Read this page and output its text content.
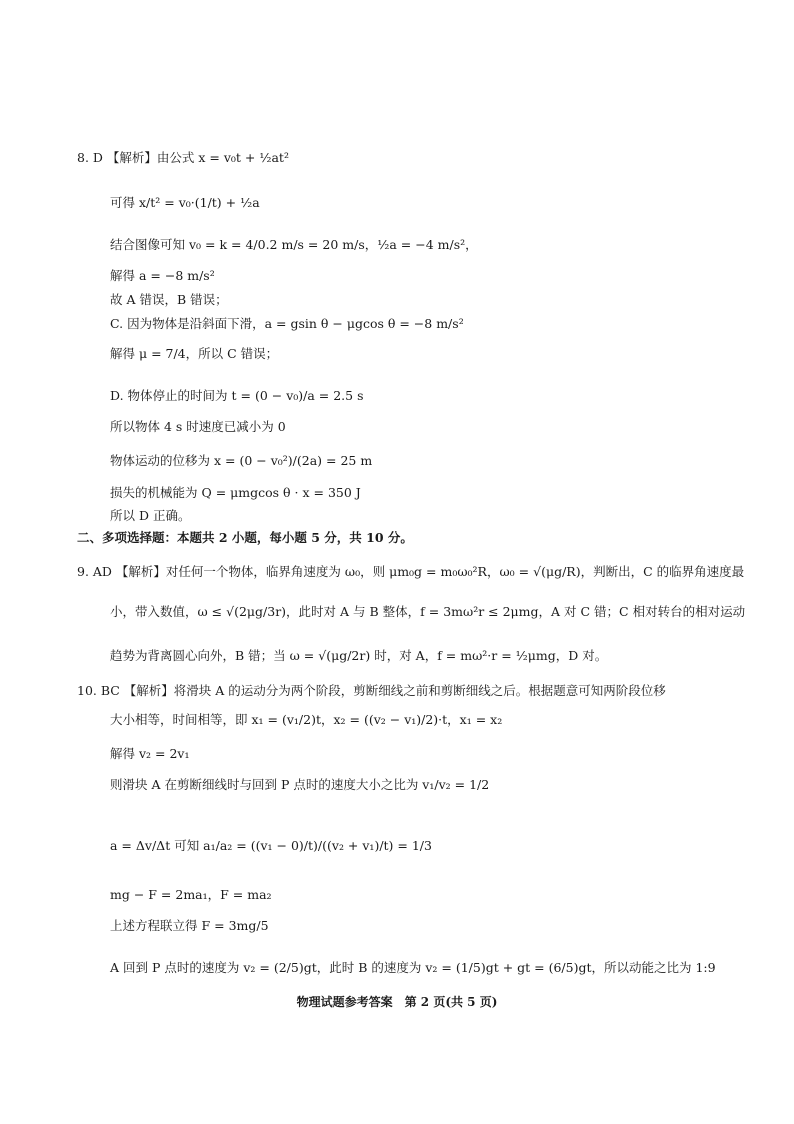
8. D 【解析】由公式 x = v₀t + ½at²
可得 x/t² = v₀·(1/t) + ½a
结合图像可知 v₀ = k = 4/0.2 m/s = 20 m/s，½a = −4 m/s²，
解得 a = −8 m/s²
故 A 错误，B 错误；
C. 因为物体是沿斜面下滑，a = gsin θ − μgcos θ = −8 m/s²
解得 μ = 7/4，所以 C 错误；
D. 物体停止的时间为 t = (0 − v₀)/a = 2.5 s
所以物体 4 s 时速度已减小为 0
物体运动的位移为 x = (0 − v₀²)/(2a) = 25 m
损失的机械能为 Q = μmgcos θ · x = 350 J
所以 D 正确。
二、多项选择题：本题共 2 小题，每小题 5 分，共 10 分。
9. AD 【解析】对任何一个物体，临界角速度为 ω₀，则 μm₀g = m₀ω₀²R，ω₀ = √(μg/R)，判断出，C 的临界角速度最
小，带入数值，ω ≤ √(2μg/3r)，此时对 A 与 B 整体，f = 3mω²r ≤ 2μmg，A 对 C 错；C 相对转台的相对运动
趋势为背离圆心向外，B 错；当 ω = √(μg/2r) 时，对 A，f = mω²·r = ½μmg，D 对。
10. BC 【解析】将滑块 A 的运动分为两个阶段，剪断细线之前和剪断细线之后。根据题意可知两阶段位移
大小相等，时间相等，即 x₁ = (v₁/2)t，x₂ = ((v₂ − v₁)/2)·t，x₁ = x₂
解得 v₂ = 2v₁
则滑块 A 在剪断细线时与回到 P 点时的速度大小之比为 v₁/v₂ = 1/2
a = Δv/Δt 可知 a₁/a₂ = ((v₁ − 0)/t)/((v₂ + v₁)/t) = 1/3
mg − F = 2ma₁，F = ma₂
上述方程联立得 F = 3mg/5
A 回到 P 点时的速度为 v₂ = (2/5)gt，此时 B 的速度为 v₂ = (1/5)gt + gt = (6/5)gt，所以动能之比为 1:9
物理试题参考答案　第 2 页(共 5 页)
